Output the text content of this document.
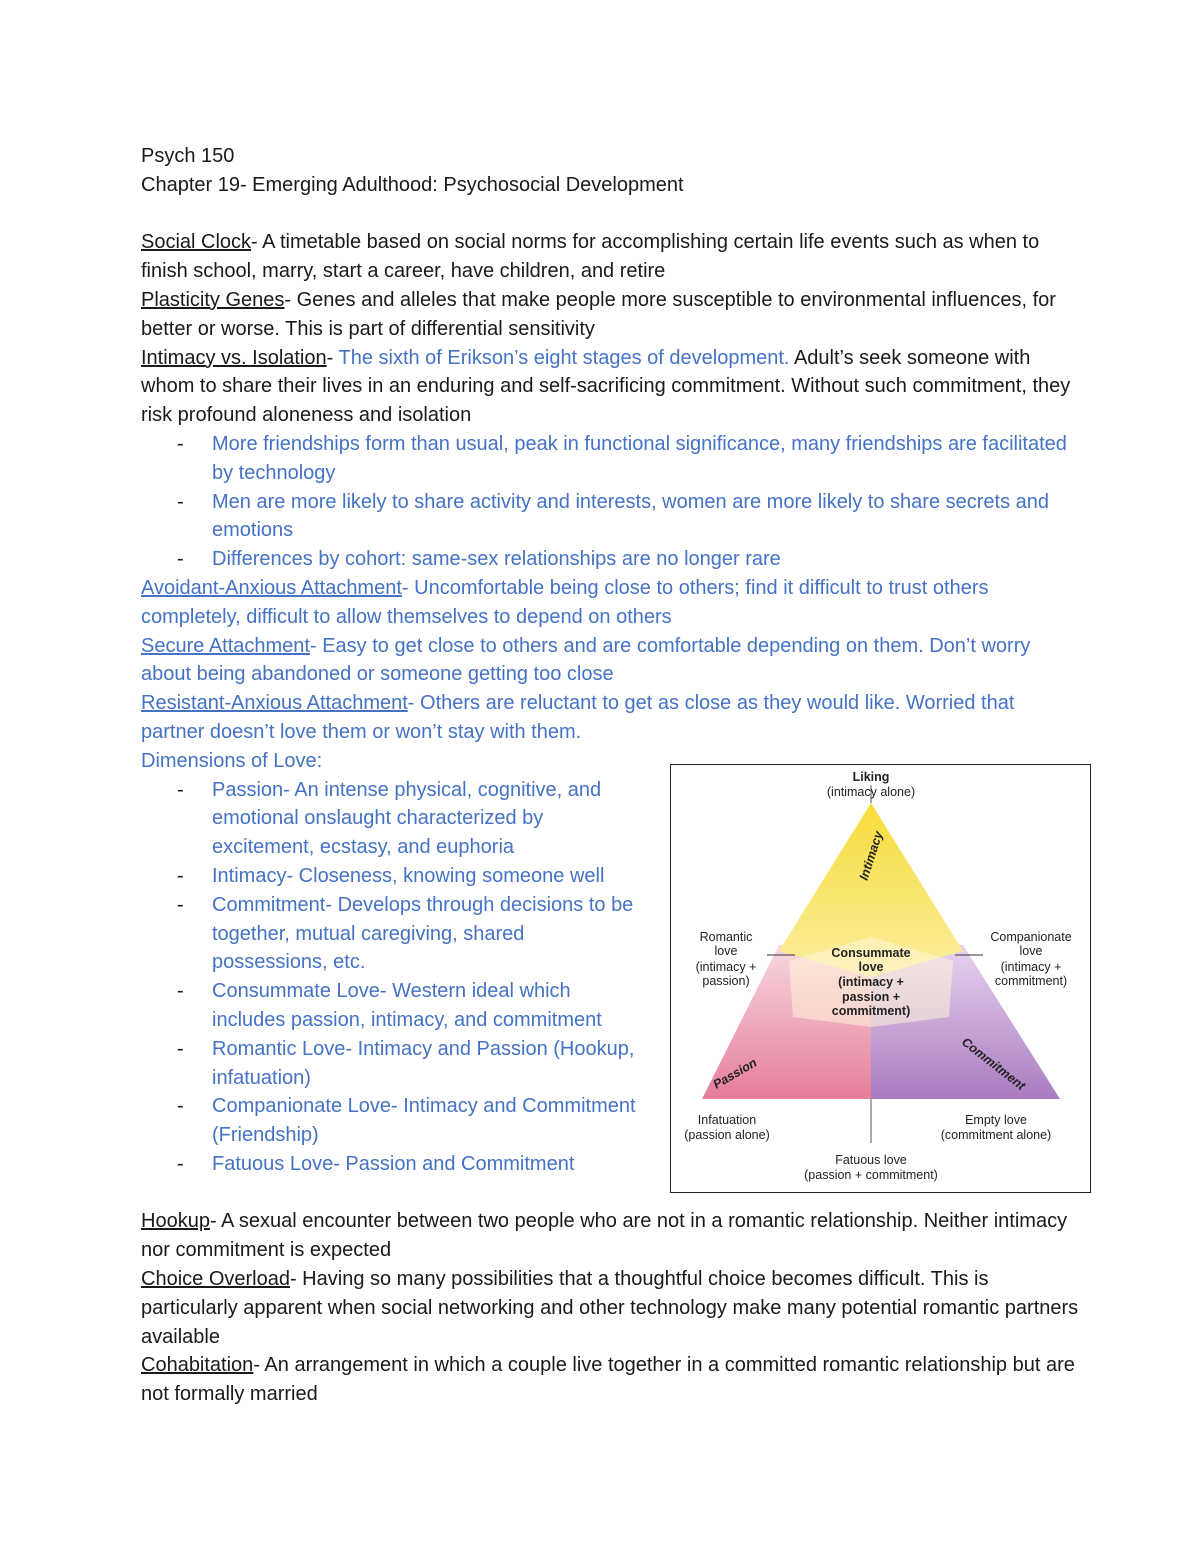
Psych 150
Chapter 19- Emerging Adulthood: Psychosocial Development
Social Clock- A timetable based on social norms for accomplishing certain life events such as when to finish school, marry, start a career, have children, and retire
Plasticity Genes- Genes and alleles that make people more susceptible to environmental influences, for better or worse. This is part of differential sensitivity
Intimacy vs. Isolation- The sixth of Erikson’s eight stages of development. Adult’s seek someone with whom to share their lives in an enduring and self-sacrificing commitment. Without such commitment, they risk profound aloneness and isolation
- More friendships form than usual, peak in functional significance, many friendships are facilitated by technology
- Men are more likely to share activity and interests, women are more likely to share secrets and emotions
- Differences by cohort: same-sex relationships are no longer rare
Avoidant-Anxious Attachment- Uncomfortable being close to others; find it difficult to trust others completely, difficult to allow themselves to depend on others
Secure Attachment- Easy to get close to others and are comfortable depending on them. Don’t worry about being abandoned or someone getting too close
Resistant-Anxious Attachment- Others are reluctant to get as close as they would like. Worried that partner doesn’t love them or won’t stay with them.
Dimensions of Love:
- Passion- An intense physical, cognitive, and emotional onslaught characterized by excitement, ecstasy, and euphoria
- Intimacy- Closeness, knowing someone well
- Commitment- Develops through decisions to be together, mutual caregiving, shared possessions, etc.
- Consummate Love- Western ideal which includes passion, intimacy, and commitment
- Romantic Love- Intimacy and Passion (Hookup, infatuation)
- Companionate Love- Intimacy and Commitment (Friendship)
- Fatuous Love- Passion and Commitment
Hookup- A sexual encounter between two people who are not in a romantic relationship. Neither intimacy nor commitment is expected
Choice Overload- Having so many possibilities that a thoughtful choice becomes difficult. This is particularly apparent when social networking and other technology make many potential romantic partners available
Cohabitation- An arrangement in which a couple live together in a committed romantic relationship but are not formally married
Liking
(intimacy alone)
Romantic
love
(intimacy +
passion)
Companionate
love
(intimacy +
commitment)
Consummate
love
(intimacy +
passion +
commitment)
Intimacy
Passion	Commitment
Infatuation
(passion alone)
Empty love
(commitment alone)
Fatuous love
(passion + commitment)
